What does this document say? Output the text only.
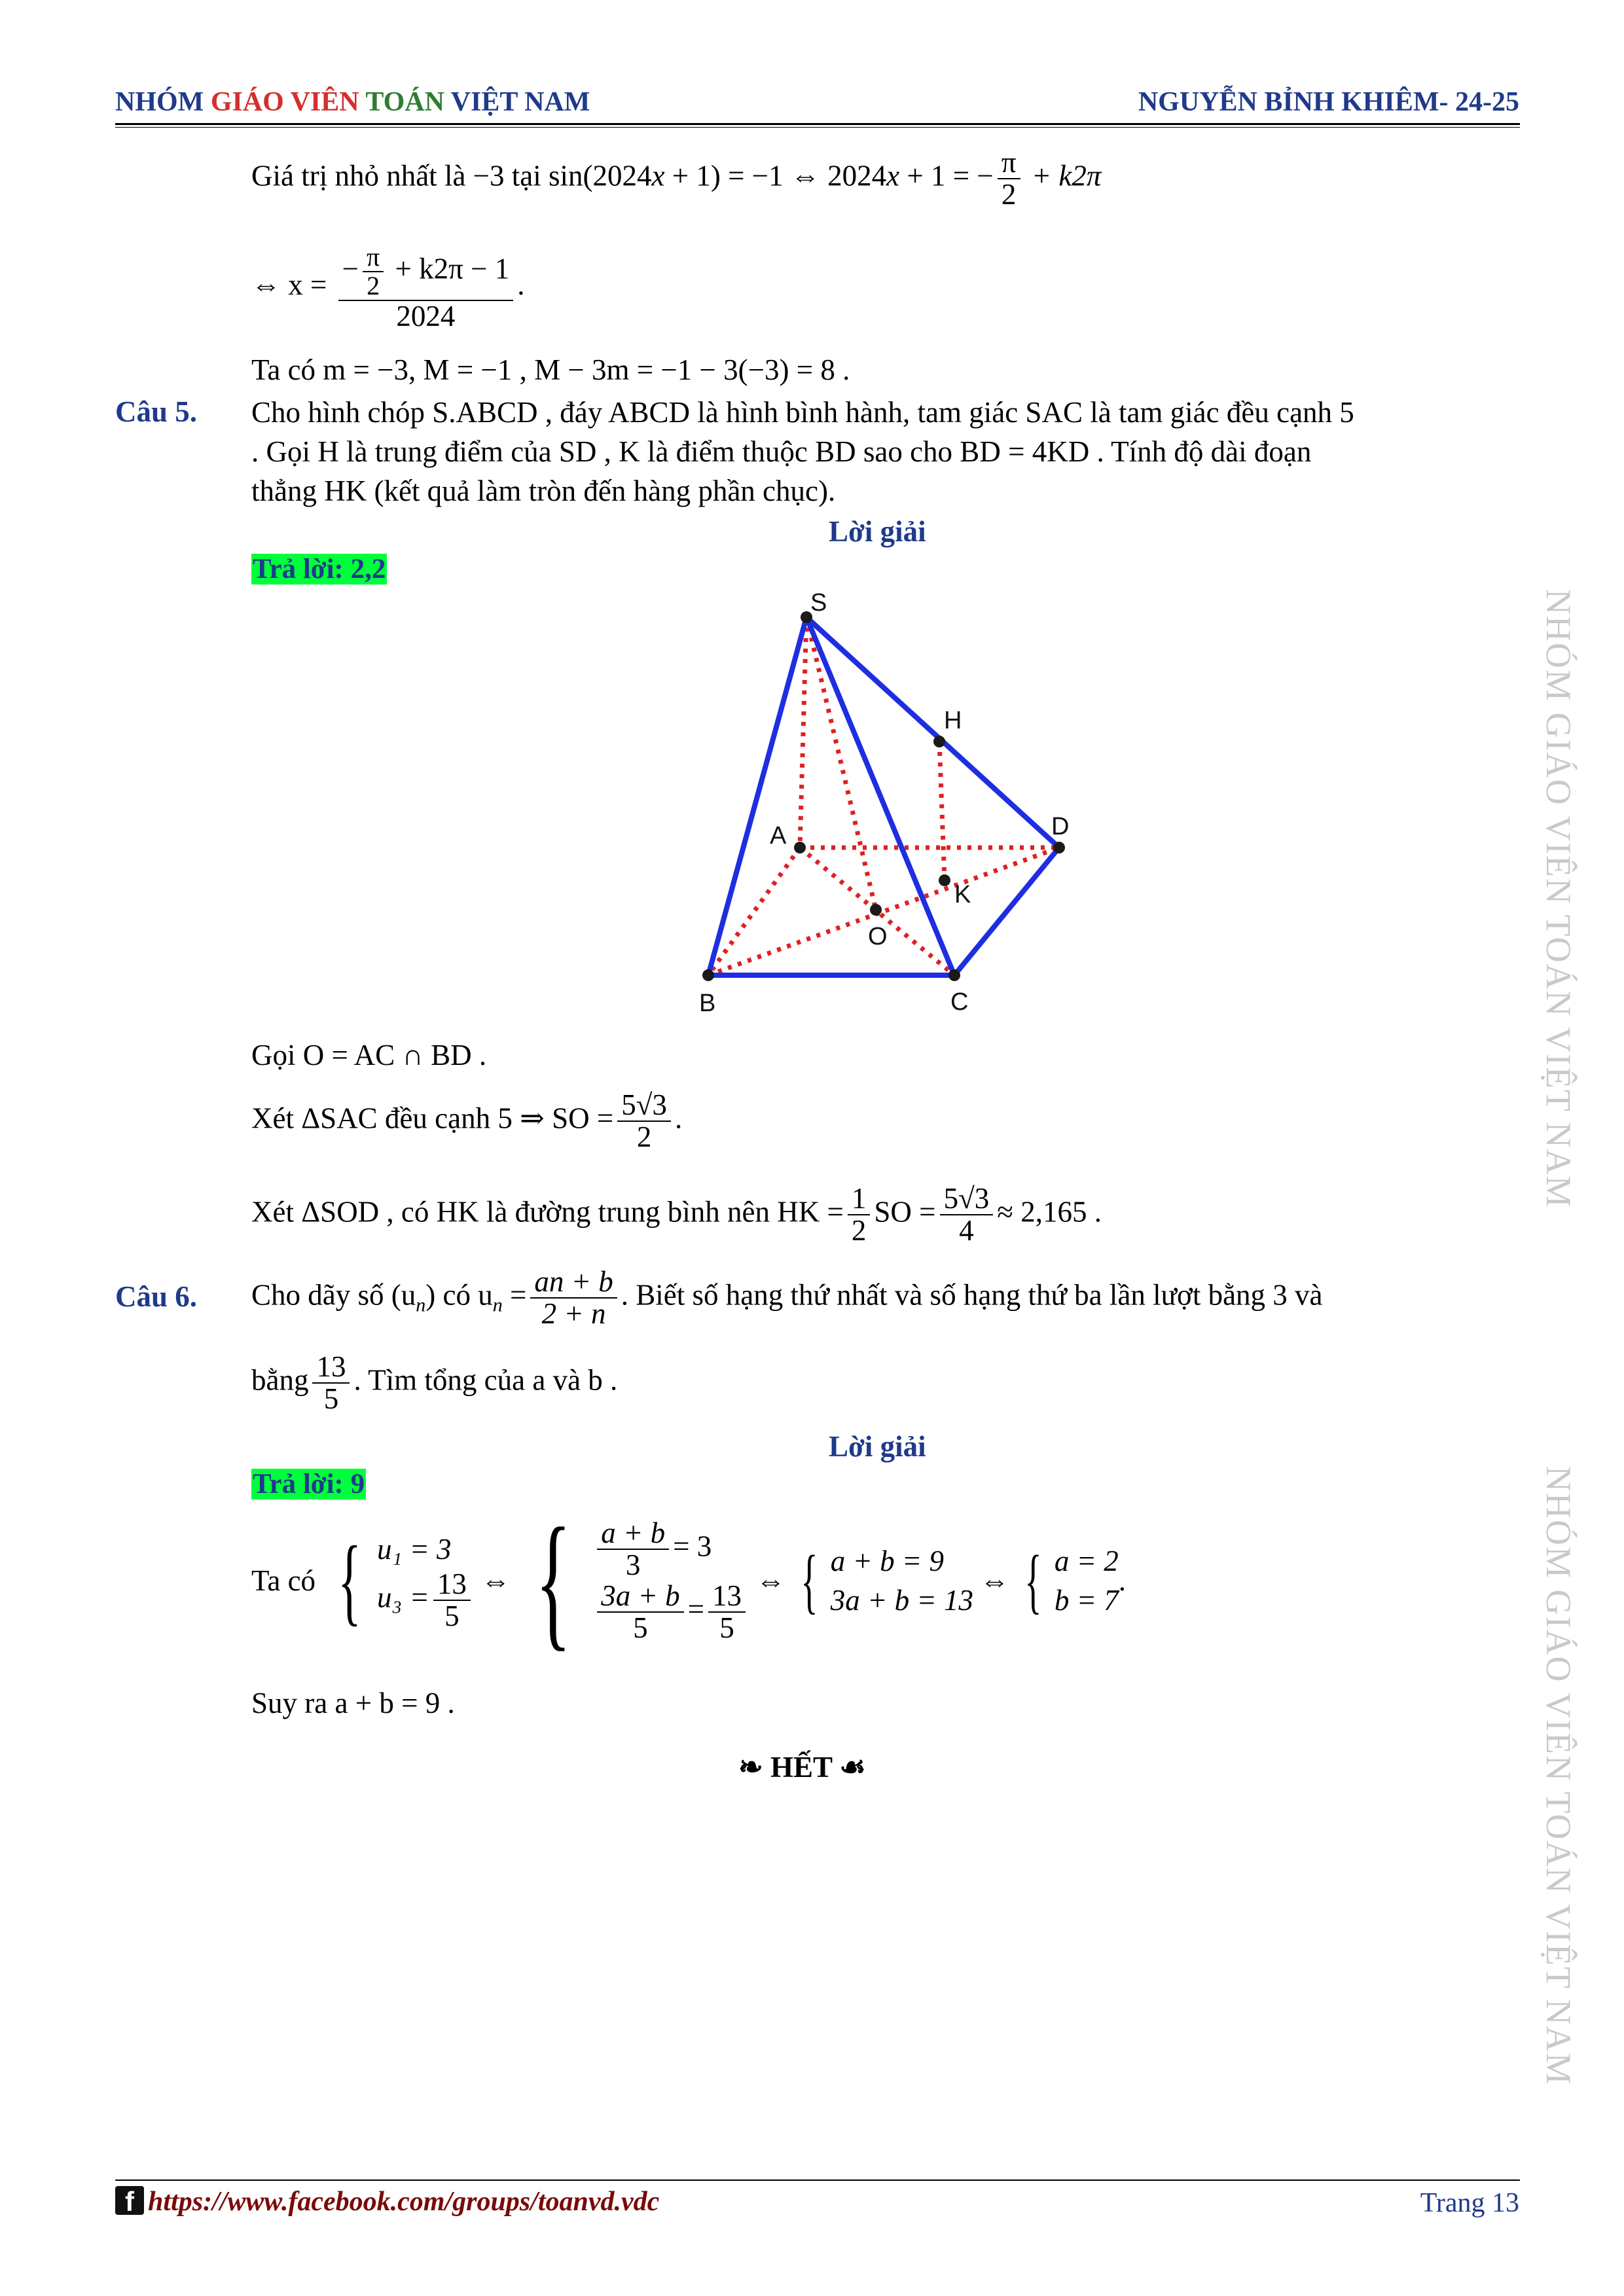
NHÓM GIÁO VIÊN TOÁN VIỆT NAM	NGUYỄN BỈNH KHIÊM- 24-25
NHÓM GIÁO VIÊN TOÁN VIỆT NAM
NHÓM GIÁO VIÊN TOÁN VIỆT NAM
Giá trị nhỏ nhất là −3 tại sin(2024x + 1) = −1 ⇔ 2024x + 1 = − $\frac{\pi}{2} + k2\pi$
⇔ $x = \frac{- \frac{\pi}{2} + k2\pi - 1}{2024}$ .
Ta có m = −3, M = −1 , M − 3m = −1 − 3(−3) = 8 .
Câu 5. Cho hình chóp S.ABCD , đáy ABCD là hình bình hành, tam giác SAC là tam giác đều cạnh 5
. Gọi H là trung điểm của SD , K là điểm thuộc BD sao cho BD = 4KD . Tính độ dài đoạn
thẳng HK (kết quả làm tròn đến hàng phần chục).
Lời giải
Trả lời: 2,2
S
H
D
A
K
O
B	C
Gọi O = AC ∩ BD .
Xét ΔSAC đều cạnh 5 ⇒ SO = $\frac{5√3}{2}$ .
Xét ΔSOD , có HK là đường trung bình nên HK = $\frac{1}{2}$ SO = $\frac{5√3}{4} \approx 2,165$ .
Câu 6. Cho dãy số $(u_n)$ có $u_n = \frac{an + b}{2 + n}$ . Biết số hạng thứ nhất và số hạng thứ ba lần lượt bằng 3 và
bằng $\frac{13}{5}$ . Tìm tổng của a và b .
Lời giải
Trả lời: 9
Ta có { u₁ = 3
$u_3 = \frac{13}{5}$ ⇔ { $\frac{a + b}{3} = 3$
$\frac{3a + b}{5} = \frac{13}{5}$ ⇔ { a + b = 9
3a + b = 13
⇔ { a = 2
b = 7
.
Suy ra a + b = 9 .
❧ HẾT ☙
f https://www.facebook.com/groups/toanvd.vdc	Trang 13
